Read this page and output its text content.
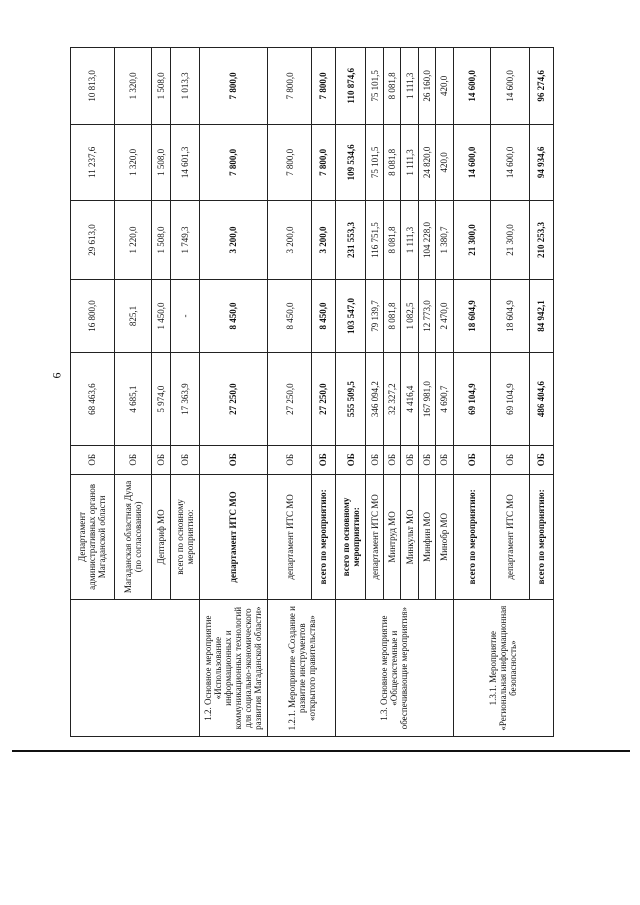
6
	Департамент административных органов Магаданской области	ОБ	68 463,6	16 800,0	29 613,0	11 237,6	10 813,0
	Магаданская областная Дума (по согласованию)	ОБ	4 685,1	825,1	1 220,0	1 320,0	1 320,0
	Дептариф МО	ОБ	5 974,0	1 450,0	1 508,0	1 508,0	1 508,0
	всего по основному мероприятию:	ОБ	17 363,9	-	1 749,3	14 601,3	1 013,3
1.2. Основное мероприятие «Использование информационных и коммуникационных технологий для социально-экономического развития Магаданской области»	департамент ИТС МО	ОБ	27 250,0	8 450,0	3 200,0	7 800,0	7 800,0
1.2.1. Мероприятие «Создание и развитие инструментов «открытого правительства»	департамент ИТС МО	ОБ	27 250,0	8 450,0	3 200,0	7 800,0	7 800,0
	всего по мероприятию:	ОБ	27 250,0	8 450,0	3 200,0	7 800,0	7 800,0
1.3. Основное мероприятие «Общесистемные и обеспечивающие мероприятия»	всего по основному мероприятию:	ОБ	555 509,5	103 547,0	231 553,3	109 534,6	110 874,6
	департамент ИТС МО	ОБ	346 094,2	79 139,7	116 751,5	75 101,5	75 101,5
	Минтруд МО	ОБ	32 327,2	8 081,8	8 081,8	8 081,8	8 081,8
	Минкульт МО	ОБ	4 416,4	1 082,5	1 111,3	1 111,3	1 111,3
	Минфин МО	ОБ	167 981,0	12 773,0	104 228,0	24 820,0	26 160,0
	Минобр МО	ОБ	4 690,7	2 470,0	1 380,7	420,0	420,0
1.3.1. Мероприятие «Региональная информационная безопасность»	всего по мероприятию:	ОБ	69 104,9	18 604,9	21 300,0	14 600,0	14 600,0
	департамент ИТС МО	ОБ	69 104,9	18 604,9	21 300,0	14 600,0	14 600,0
	всего по мероприятию:	ОБ	486 404,6	84 942,1	210 253,3	94 934,6	96 274,6
